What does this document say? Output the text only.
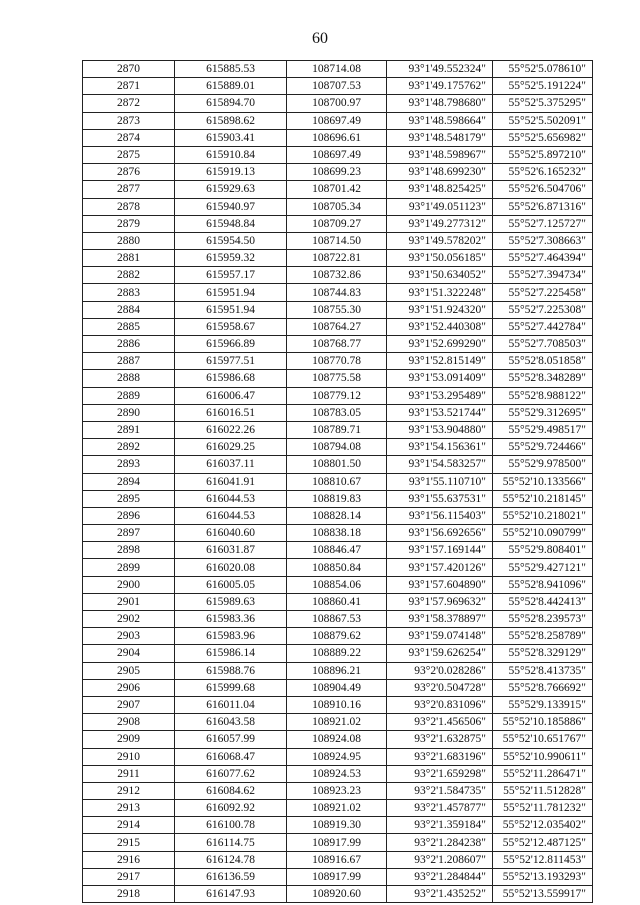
60
2870	615885.53	108714.08	93°1'49.552324"	55°52'5.078610"
2871	615889.01	108707.53	93°1'49.175762"	55°52'5.191224"
2872	615894.70	108700.97	93°1'48.798680"	55°52'5.375295"
2873	615898.62	108697.49	93°1'48.598664"	55°52'5.502091"
2874	615903.41	108696.61	93°1'48.548179"	55°52'5.656982"
2875	615910.84	108697.49	93°1'48.598967"	55°52'5.897210"
2876	615919.13	108699.23	93°1'48.699230"	55°52'6.165232"
2877	615929.63	108701.42	93°1'48.825425"	55°52'6.504706"
2878	615940.97	108705.34	93°1'49.051123"	55°52'6.871316"
2879	615948.84	108709.27	93°1'49.277312"	55°52'7.125727"
2880	615954.50	108714.50	93°1'49.578202"	55°52'7.308663"
2881	615959.32	108722.81	93°1'50.056185"	55°52'7.464394"
2882	615957.17	108732.86	93°1'50.634052"	55°52'7.394734"
2883	615951.94	108744.83	93°1'51.322248"	55°52'7.225458"
2884	615951.94	108755.30	93°1'51.924320"	55°52'7.225308"
2885	615958.67	108764.27	93°1'52.440308"	55°52'7.442784"
2886	615966.89	108768.77	93°1'52.699290"	55°52'7.708503"
2887	615977.51	108770.78	93°1'52.815149"	55°52'8.051858"
2888	615986.68	108775.58	93°1'53.091409"	55°52'8.348289"
2889	616006.47	108779.12	93°1'53.295489"	55°52'8.988122"
2890	616016.51	108783.05	93°1'53.521744"	55°52'9.312695"
2891	616022.26	108789.71	93°1'53.904880"	55°52'9.498517"
2892	616029.25	108794.08	93°1'54.156361"	55°52'9.724466"
2893	616037.11	108801.50	93°1'54.583257"	55°52'9.978500"
2894	616041.91	108810.67	93°1'55.110710"	55°52'10.133566"
2895	616044.53	108819.83	93°1'55.637531"	55°52'10.218145"
2896	616044.53	108828.14	93°1'56.115403"	55°52'10.218021"
2897	616040.60	108838.18	93°1'56.692656"	55°52'10.090799"
2898	616031.87	108846.47	93°1'57.169144"	55°52'9.808401"
2899	616020.08	108850.84	93°1'57.420126"	55°52'9.427121"
2900	616005.05	108854.06	93°1'57.604890"	55°52'8.941096"
2901	615989.63	108860.41	93°1'57.969632"	55°52'8.442413"
2902	615983.36	108867.53	93°1'58.378897"	55°52'8.239573"
2903	615983.96	108879.62	93°1'59.074148"	55°52'8.258789"
2904	615986.14	108889.22	93°1'59.626254"	55°52'8.329129"
2905	615988.76	108896.21	93°2'0.028286"	55°52'8.413735"
2906	615999.68	108904.49	93°2'0.504728"	55°52'8.766692"
2907	616011.04	108910.16	93°2'0.831096"	55°52'9.133915"
2908	616043.58	108921.02	93°2'1.456506"	55°52'10.185886"
2909	616057.99	108924.08	93°2'1.632875"	55°52'10.651767"
2910	616068.47	108924.95	93°2'1.683196"	55°52'10.990611"
2911	616077.62	108924.53	93°2'1.659298"	55°52'11.286471"
2912	616084.62	108923.23	93°2'1.584735"	55°52'11.512828"
2913	616092.92	108921.02	93°2'1.457877"	55°52'11.781232"
2914	616100.78	108919.30	93°2'1.359184"	55°52'12.035402"
2915	616114.75	108917.99	93°2'1.284238"	55°52'12.487125"
2916	616124.78	108916.67	93°2'1.208607"	55°52'12.811453"
2917	616136.59	108917.99	93°2'1.284844"	55°52'13.193293"
2918	616147.93	108920.60	93°2'1.435252"	55°52'13.559917"
